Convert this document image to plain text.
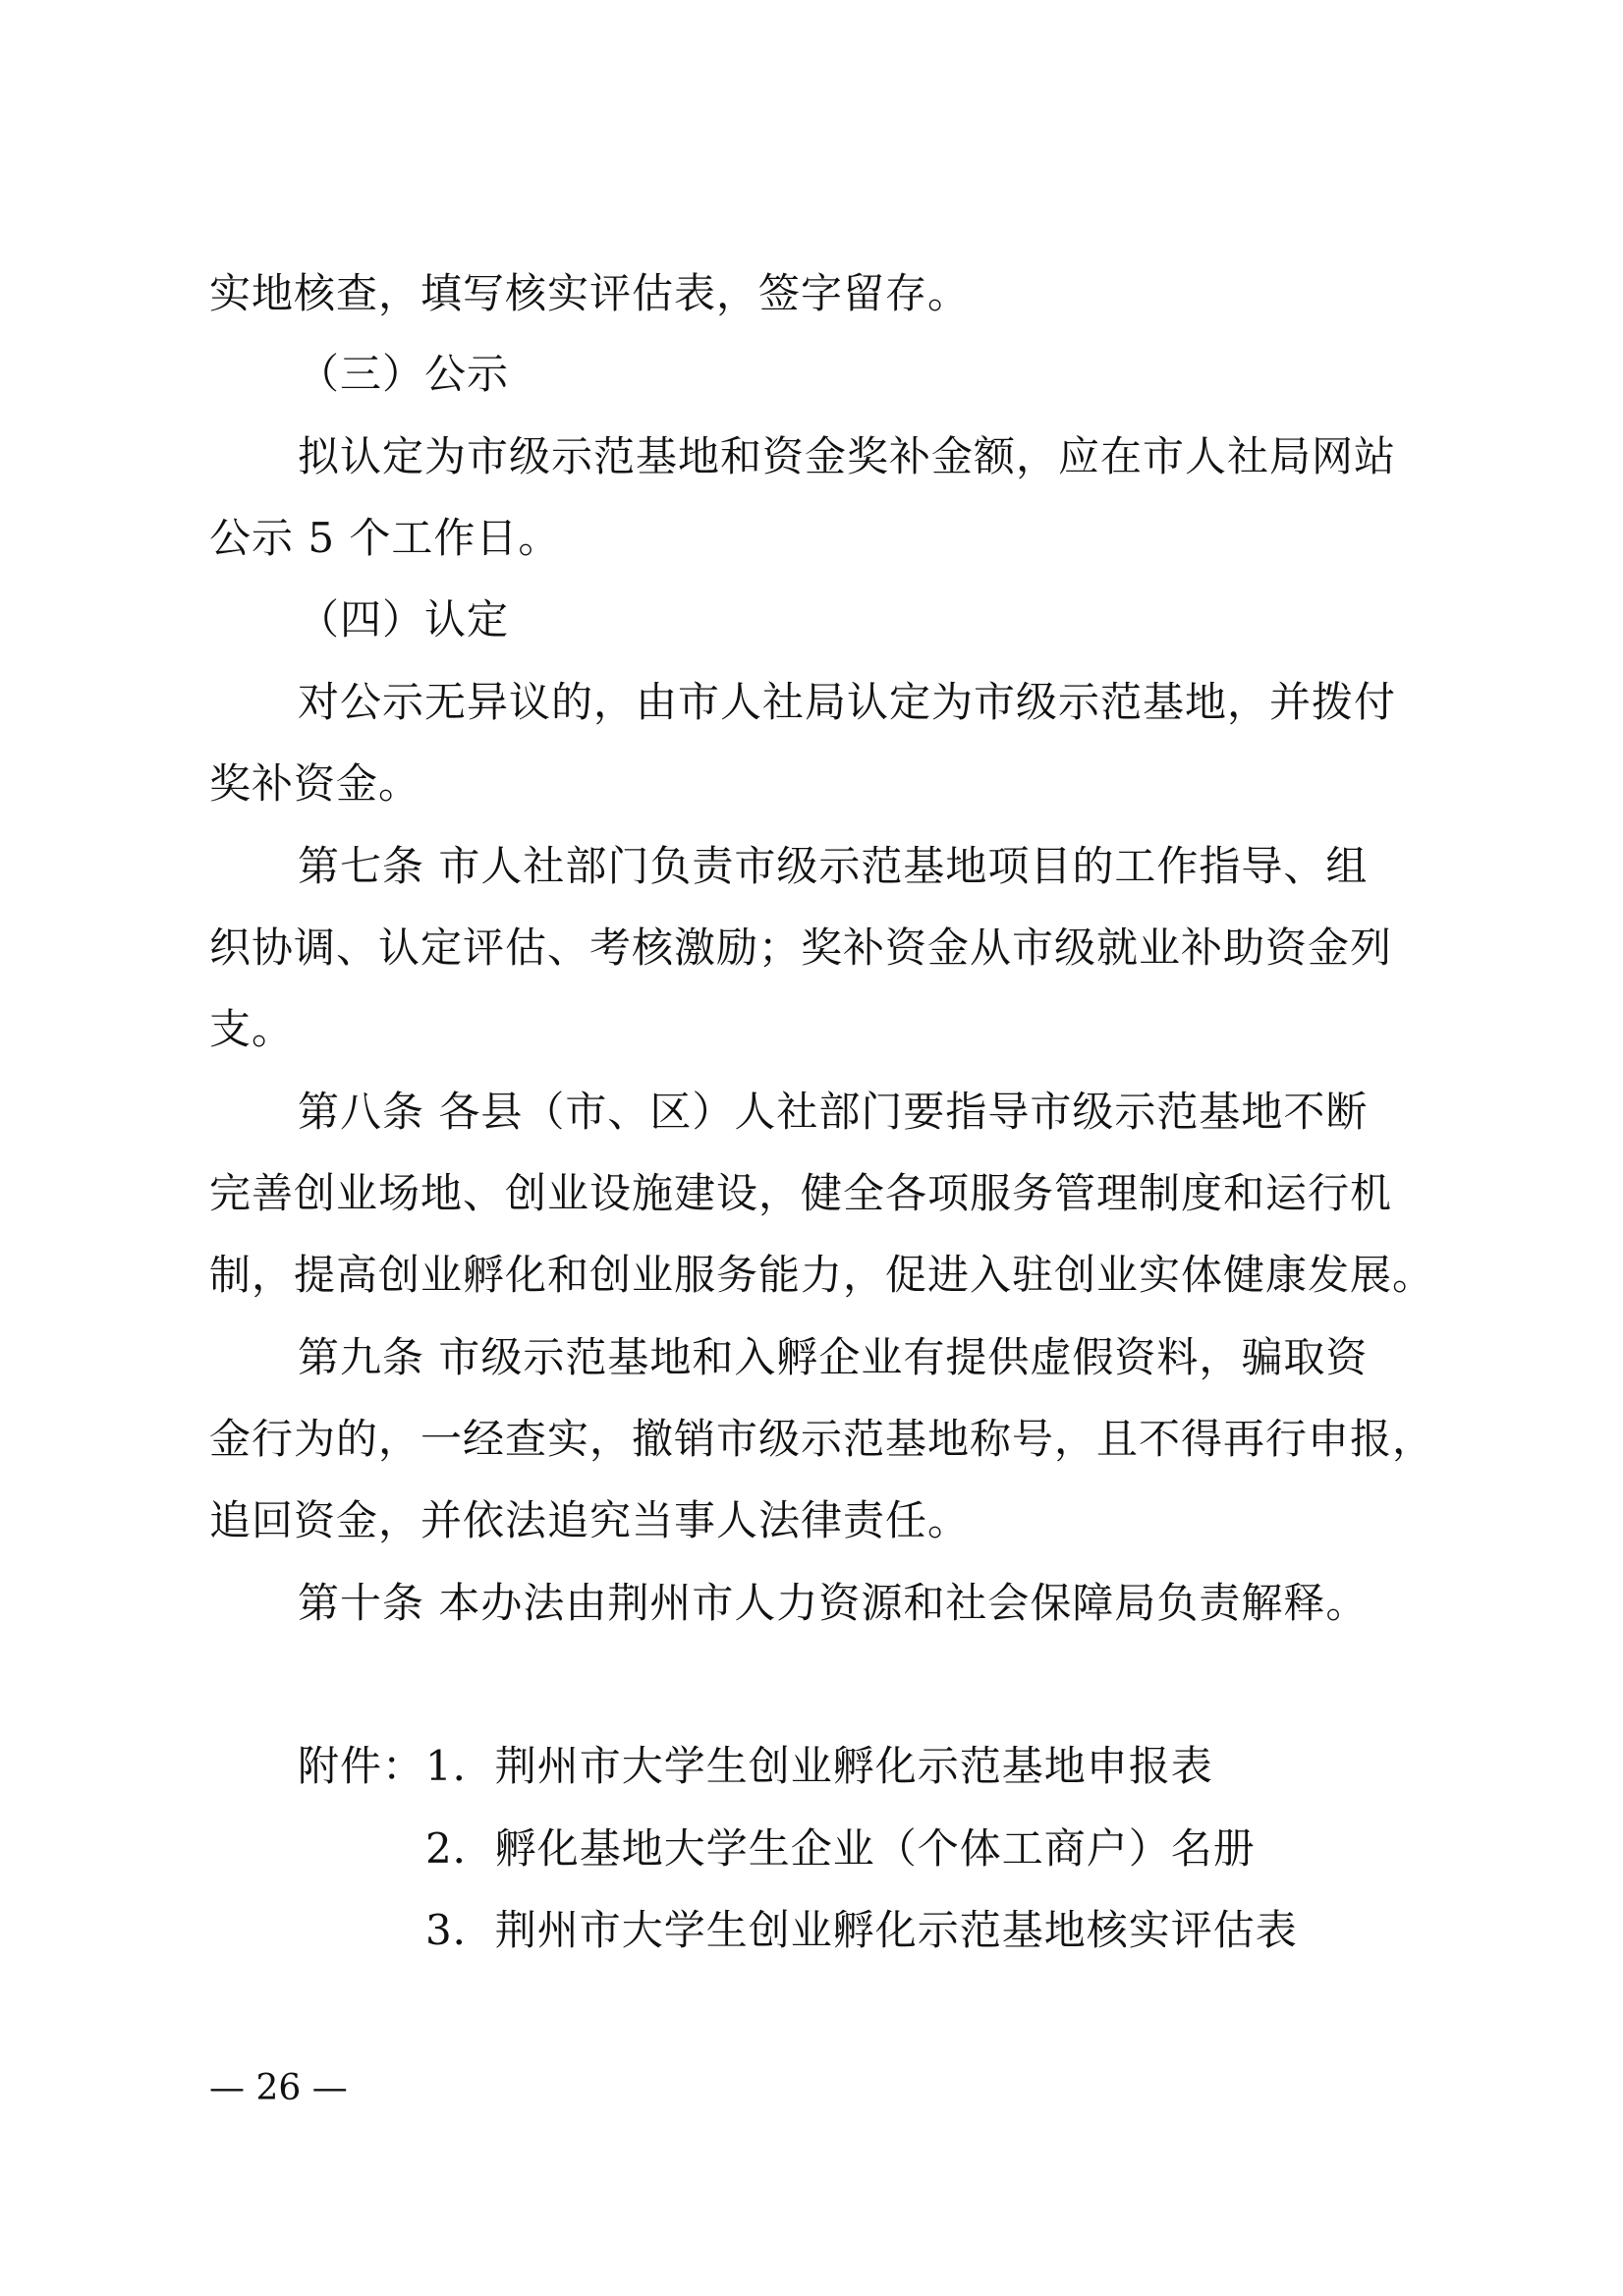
实地核查，填写核实评估表，签字留存。
（三）公示
拟认定为市级示范基地和资金奖补金额，应在市人社局网站
公示 5 个工作日。
（四）认定
对公示无异议的，由市人社局认定为市级示范基地，并拨付
奖补资金。
第七条 市人社部门负责市级示范基地项目的工作指导、组
织协调、认定评估、考核激励；奖补资金从市级就业补助资金列
支。
第八条 各县（市、区）人社部门要指导市级示范基地不断
完善创业场地、创业设施建设，健全各项服务管理制度和运行机
制，提高创业孵化和创业服务能力，促进入驻创业实体健康发展。
第九条 市级示范基地和入孵企业有提供虚假资料，骗取资
金行为的，一经查实，撤销市级示范基地称号，且不得再行申报，
追回资金，并依法追究当事人法律责任。
第十条 本办法由荆州市人力资源和社会保障局负责解释。
附件： 1．荆州市大学生创业孵化示范基地申报表
2．孵化基地大学生企业（个体工商户）名册
3．荆州市大学生创业孵化示范基地核实评估表
— 26 —
